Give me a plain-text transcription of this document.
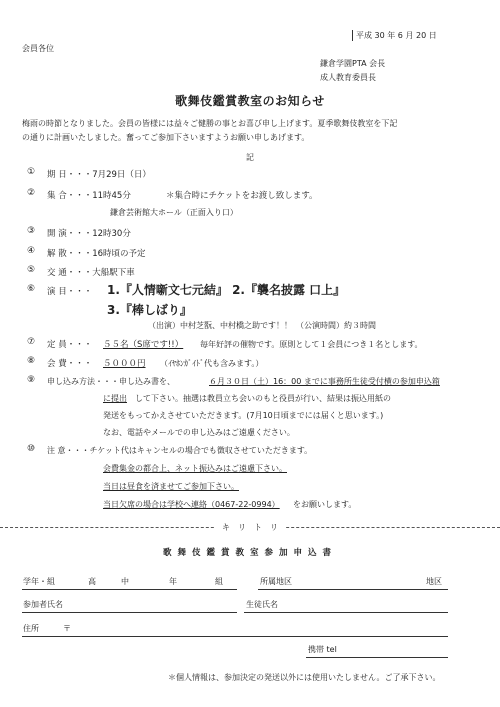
平成 30 年 6 月 20 日
会員各位
鎌倉学園PTA 会長
成人教育委員長
歌舞伎鑑賞教室のお知らせ
梅雨の時節となりました。会員の皆様には益々ご健勝の事とお喜び申し上げます。夏季歌舞伎教室を下記
の通りに計画いたしました。奮ってご参加下さいますようお願い申しあげます。
記
① 期 日・・・7月29日（日）
② 集 合・・・11時45分	＊集合時にチケットをお渡し致します。
鎌倉芸術館大ホール（正面入り口）
③ 開 演・・・12時30分
④ 解 散・・・16時頃の予定
⑤ 交 通・・・大船駅下車
⑥ 演 目・・・ 1.『人情噺文七元結』 2.『襲名披露 口上』
3.『棒しばり』
（出演）中村芝翫、中村橋之助です！！　（公演時間）約３時間
⑦ 定 員・・・ ５５名（S席です!!） 毎年好評の催物です。原則として１会員につき１名とします。
⑧ 会 費・・・ ５０００円 （ｲﾔﾎﾝｶﾞｲﾄﾞ代も含みます。）
⑨ 申し込み方法・・・申し込み書を、	６月３０日（土）16：00 までに事務所生徒受付横の参加申込箱
に提出 して下さい。抽選は教員立ち会いのもと役員が行い、結果は振込用紙の
発送をもってかえさせていただきます。(7月10日頃までには届くと思います。)
なお、電話やメールでの申し込みはご遠慮ください。
⑩ 注 意・・・チケット代はキャンセルの場合でも徴収させていただきます。
会費集金の都合上、ネット振込みはご遠慮下さい。
当日は昼食を済ませてご参加下さい。
当日欠席の場合は学校へ連絡（0467-22-0994） をお願いします。
キ　リ　ト　リ
歌舞伎鑑賞教室参加申込書
学年・組	高	中	年	組	所属地区	地区
参加者氏名	生徒氏名
住所	〒
携帯 tel
＊個人情報は、参加決定の発送以外には使用いたしません。ご了承下さい。
